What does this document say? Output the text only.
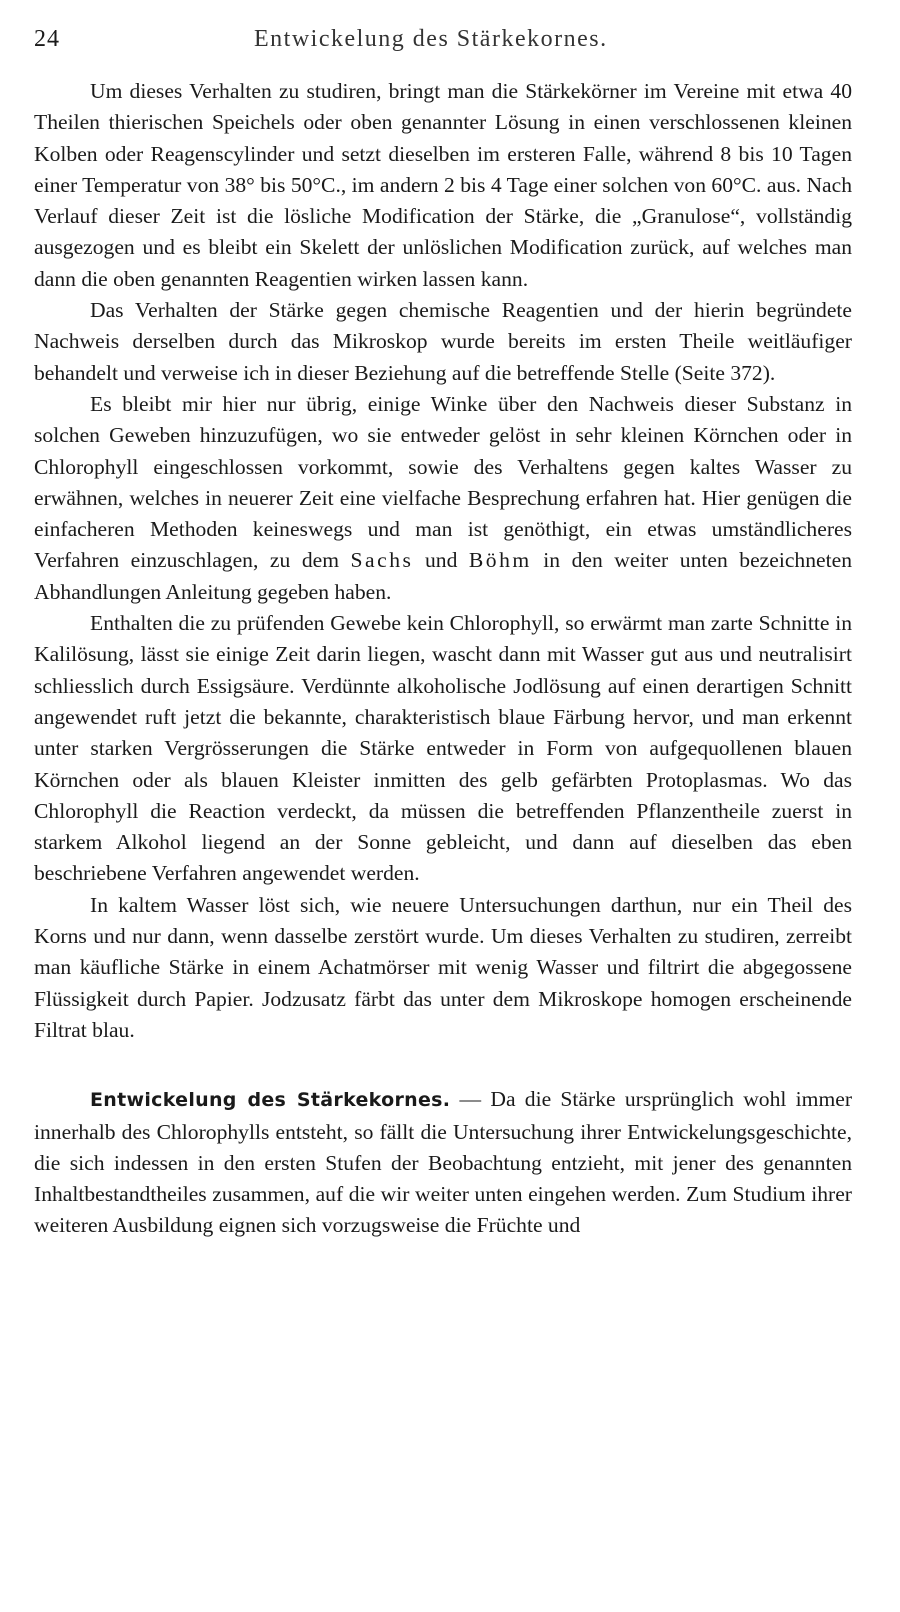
24	Entwickelung des Stärkekornes.

Um dieses Verhalten zu studiren, bringt man die Stärkekörner im Vereine mit etwa 40 Theilen thierischen Speichels oder oben genannter Lösung in einen verschlossenen kleinen Kolben oder Reagenscylinder und setzt dieselben im ersteren Falle, während 8 bis 10 Tagen einer Temperatur von 38° bis 50°C., im andern 2 bis 4 Tage einer solchen von 60°C. aus. Nach Verlauf dieser Zeit ist die lösliche Modification der Stärke, die „Granulose“, vollständig ausgezogen und es bleibt ein Skelett der unlöslichen Modification zurück, auf welches man dann die oben genannten Reagentien wirken lassen kann.

Das Verhalten der Stärke gegen chemische Reagentien und der hierin begründete Nachweis derselben durch das Mikroskop wurde bereits im ersten Theile weitläufiger behandelt und verweise ich in dieser Beziehung auf die betreffende Stelle (Seite 372).

Es bleibt mir hier nur übrig, einige Winke über den Nachweis dieser Substanz in solchen Geweben hinzuzufügen, wo sie entweder gelöst in sehr kleinen Körnchen oder in Chlorophyll eingeschlossen vorkommt, sowie des Verhaltens gegen kaltes Wasser zu erwähnen, welches in neuerer Zeit eine vielfache Besprechung erfahren hat. Hier genügen die einfacheren Methoden keineswegs und man ist genöthigt, ein etwas umständlicheres Verfahren einzuschlagen, zu dem Sachs und Böhm in den weiter unten bezeichneten Abhandlungen Anleitung gegeben haben.

Enthalten die zu prüfenden Gewebe kein Chlorophyll, so erwärmt man zarte Schnitte in Kalilösung, lässt sie einige Zeit darin liegen, wascht dann mit Wasser gut aus und neutralisirt schliesslich durch Essigsäure. Verdünnte alkoholische Jodlösung auf einen derartigen Schnitt angewendet ruft jetzt die bekannte, charakteristisch blaue Färbung hervor, und man erkennt unter starken Vergrösserungen die Stärke entweder in Form von aufgequollenen blauen Körnchen oder als blauen Kleister inmitten des gelb gefärbten Protoplasmas. Wo das Chlorophyll die Reaction verdeckt, da müssen die betreffenden Pflanzentheile zuerst in starkem Alkohol liegend an der Sonne gebleicht, und dann auf dieselben das eben beschriebene Verfahren angewendet werden.

In kaltem Wasser löst sich, wie neuere Untersuchungen darthun, nur ein Theil des Korns und nur dann, wenn dasselbe zerstört wurde. Um dieses Verhalten zu studiren, zerreibt man käufliche Stärke in einem Achatmörser mit wenig Wasser und filtrirt die abgegossene Flüssigkeit durch Papier. Jodzusatz färbt das unter dem Mikroskope homogen erscheinende Filtrat blau.

Entwickelung des Stärkekornes. — Da die Stärke ursprünglich wohl immer innerhalb des Chlorophylls entsteht, so fällt die Untersuchung ihrer Entwickelungsgeschichte, die sich indessen in den ersten Stufen der Beobachtung entzieht, mit jener des genannten Inhaltbestandtheiles zusammen, auf die wir weiter unten eingehen werden. Zum Studium ihrer weiteren Ausbildung eignen sich vorzugsweise die Früchte und
